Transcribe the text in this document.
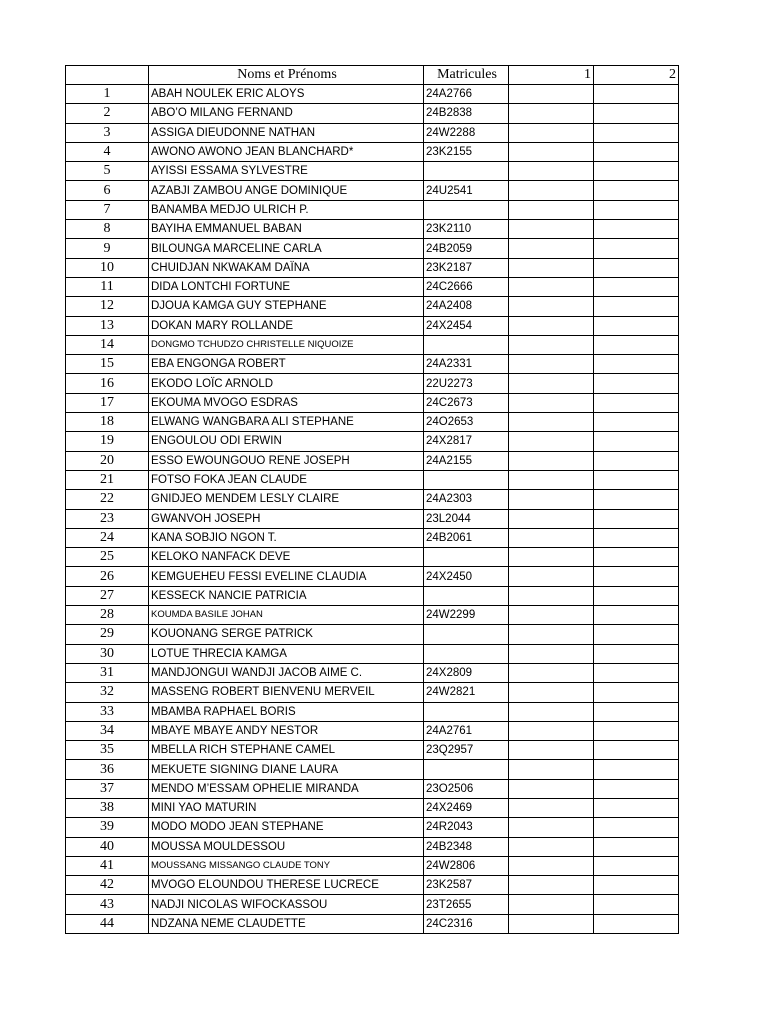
	Noms et Prénoms	Matricules	1	2
1	ABAH NOULEK ERIC ALOYS	24A2766		
2	ABO’O MILANG FERNAND	24B2838		
3	ASSIGA DIEUDONNE NATHAN	24W2288		
4	AWONO AWONO JEAN BLANCHARD*	23K2155		
5	AYISSI ESSAMA SYLVESTRE			
6	AZABJI ZAMBOU ANGE DOMINIQUE	24U2541		
7	BANAMBA MEDJO ULRICH P.			
8	BAYIHA EMMANUEL BABAN	23K2110		
9	BILOUNGA MARCELINE CARLA	24B2059		
10	CHUIDJAN NKWAKAM DAÏNA	23K2187		
11	DIDA LONTCHI FORTUNE	24C2666		
12	DJOUA KAMGA GUY STEPHANE	24A2408		
13	DOKAN MARY ROLLANDE	24X2454		
14	DONGMO TCHUDZO CHRISTELLE NIQUOIZE			
15	EBA ENGONGA ROBERT	24A2331		
16	EKODO LOÏC ARNOLD	22U2273		
17	EKOUMA MVOGO ESDRAS	24C2673		
18	ELWANG WANGBARA ALI STEPHANE	24O2653		
19	ENGOULOU ODI ERWIN	24X2817		
20	ESSO EWOUNGOUO RENE JOSEPH	24A2155		
21	FOTSO FOKA JEAN CLAUDE			
22	GNIDJEO MENDEM LESLY CLAIRE	24A2303		
23	GWANVOH JOSEPH	23L2044		
24	KANA SOBJIO NGON T.	24B2061		
25	KELOKO NANFACK DEVE			
26	KEMGUEHEU FESSI EVELINE CLAUDIA	24X2450		
27	KESSECK NANCIE PATRICIA			
28	KOUMDA BASILE JOHAN	24W2299		
29	KOUONANG SERGE PATRICK			
30	LOTUE THRECIA KAMGA			
31	MANDJONGUI WANDJI JACOB AIME C.	24X2809		
32	MASSENG ROBERT BIENVENU MERVEIL	24W2821		
33	MBAMBA RAPHAEL BORIS			
34	MBAYE MBAYE ANDY NESTOR	24A2761		
35	MBELLA RICH STEPHANE CAMEL	23Q2957		
36	MEKUETE SIGNING DIANE LAURA			
37	MENDO M’ESSAM OPHELIE MIRANDA	23O2506		
38	MINI YAO MATURIN	24X2469		
39	MODO MODO JEAN STEPHANE	24R2043		
40	MOUSSA MOULDESSOU	24B2348		
41	MOUSSANG MISSANGO CLAUDE TONY	24W2806		
42	MVOGO ELOUNDOU THERESE LUCRECE	23K2587		
43	NADJI NICOLAS WIFOCKASSOU	23T2655		
44	NDZANA NEME CLAUDETTE	24C2316		
